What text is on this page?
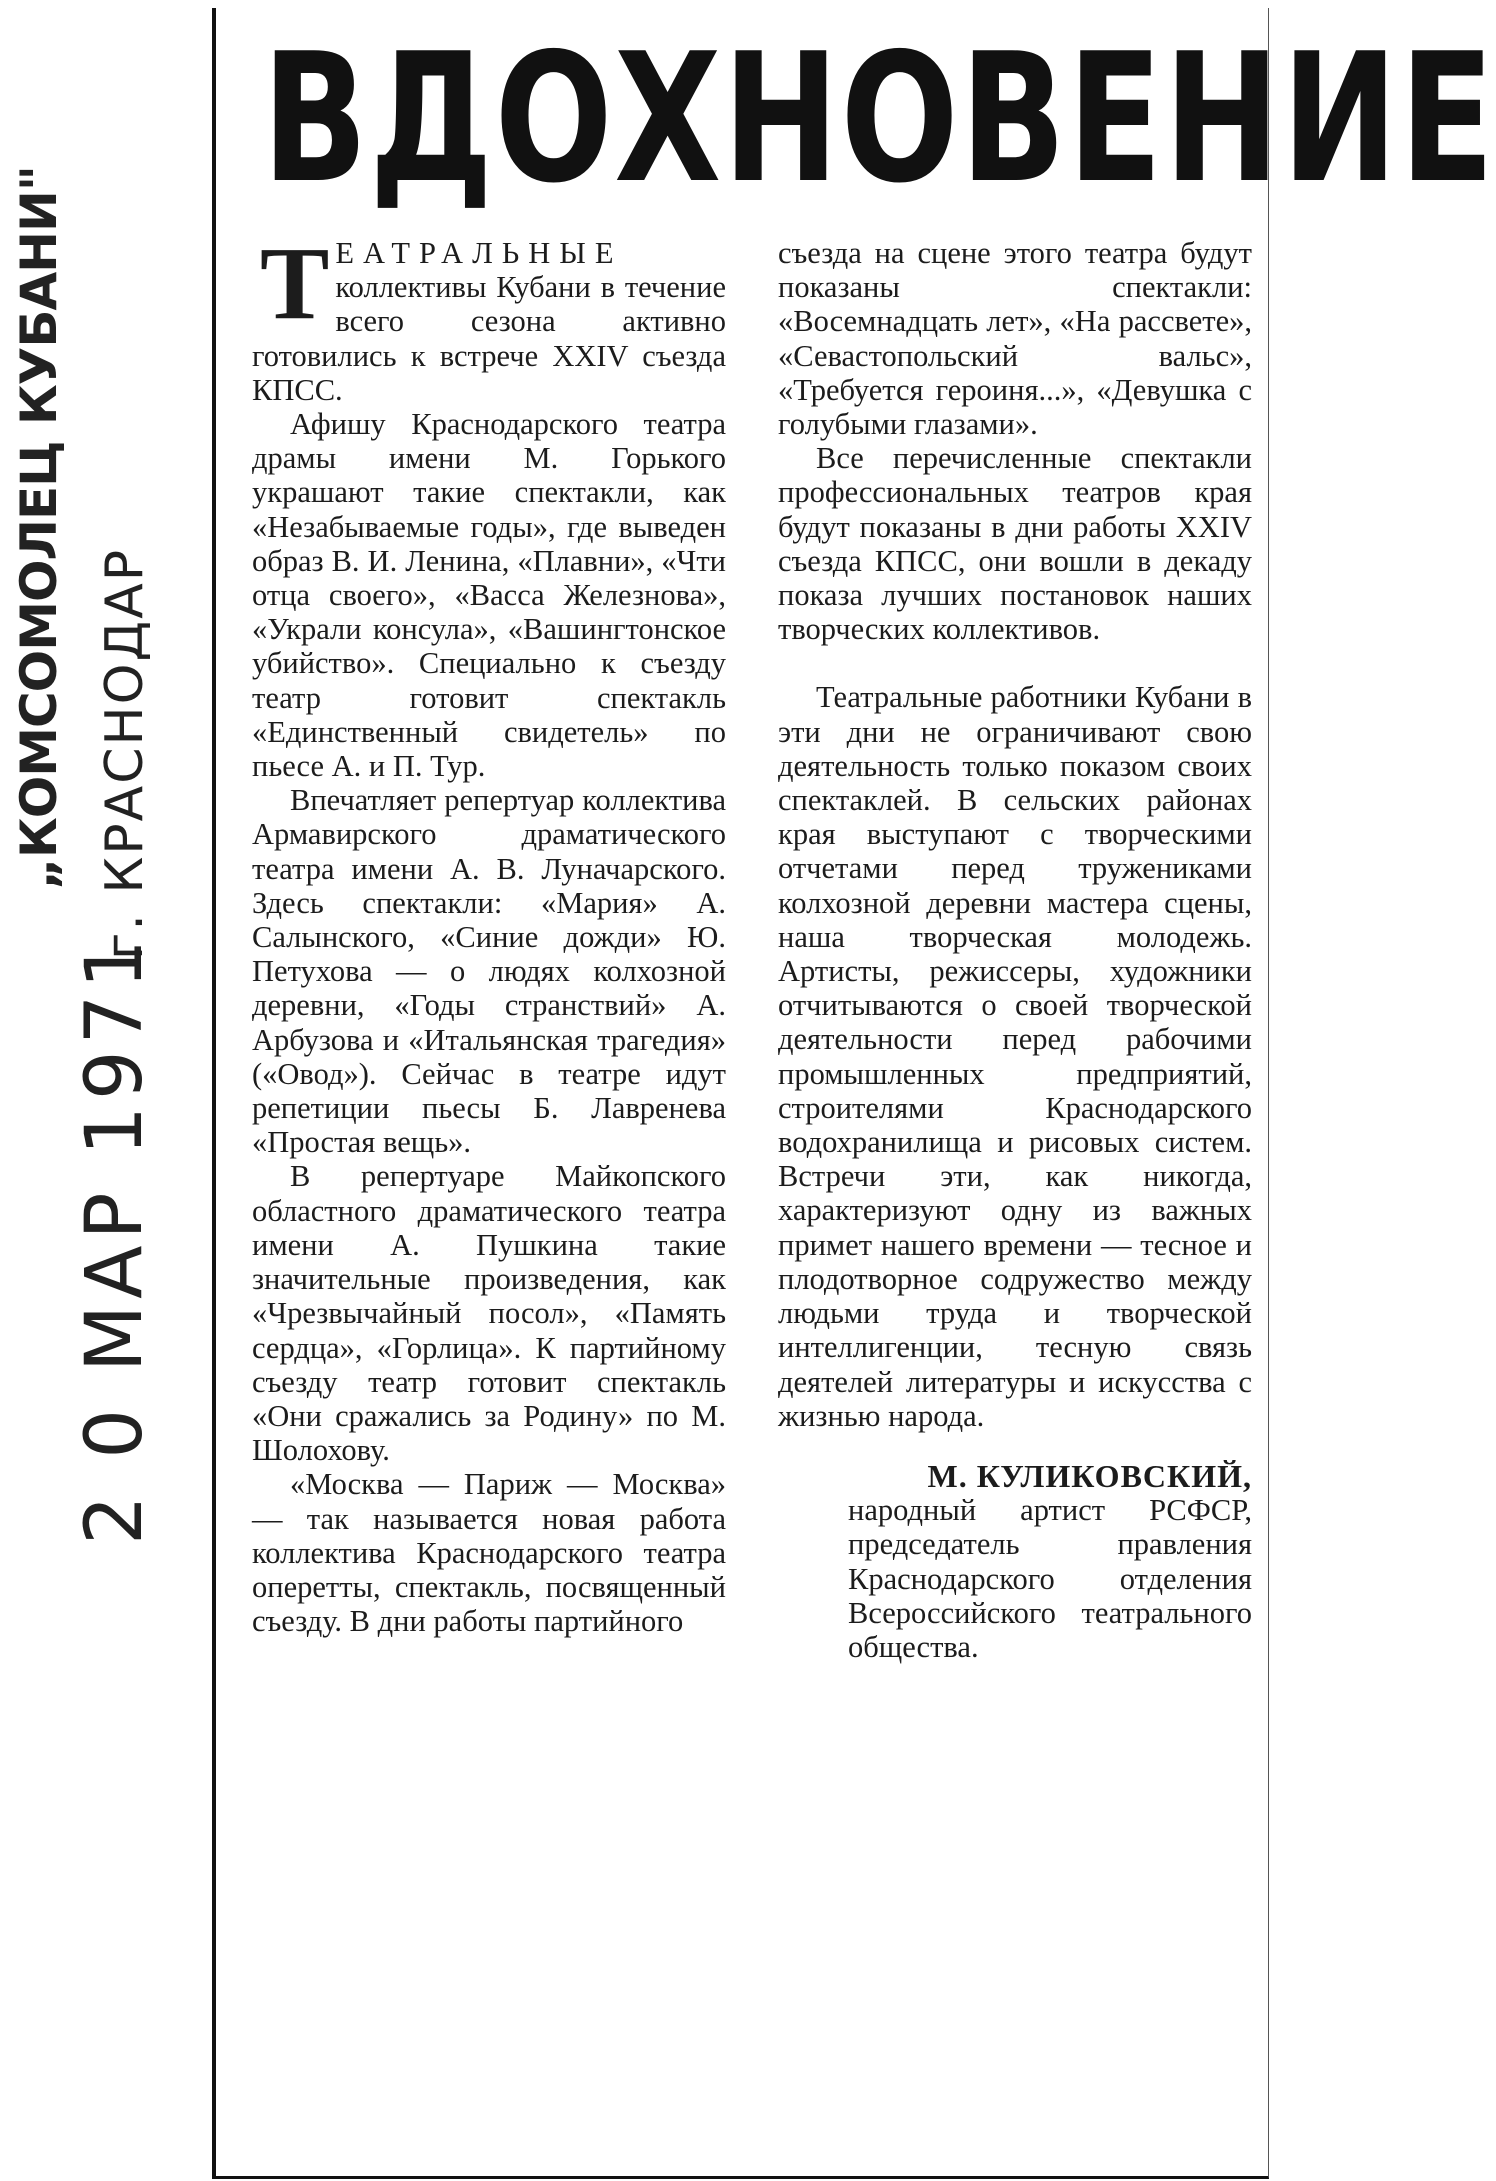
„КОМСОМОЛЕЦ КУБАНИ" г. КРАСНОДАР
2 0 МАР 1971
ВДОХНОВЕНИЕ

Т ЕАТРАЛЬНЫЕ
коллективы Кубани в течение всего сезона активно готовились к встрече XXIV съезда КПСС.

Афишу Краснодарского театра драмы имени М. Горького украшают такие спектакли, как «Незабываемые годы», где выведен образ В. И. Ленина, «Плавни», «Чти отца своего», «Васса Железнова», «Украли консула», «Вашингтонское убийство». Специально к съезду театр готовит спектакль «Единственный свидетель» по пьесе А. и П. Тур.

Впечатляет репертуар коллектива Армавирского драматического театра имени А. В. Луначарского. Здесь спектакли: «Мария» А. Салынского, «Синие дожди» Ю. Петухова — о людях колхозной деревни, «Годы странствий» А. Арбузова и «Итальянская трагедия» («Овод»). Сейчас в театре идут репетиции пьесы Б. Лавренева «Простая вещь».

В репертуаре Майкопского областного драматического театра имени А. Пушкина такие значительные произведения, как «Чрезвычайный посол», «Память сердца», «Горлица». К партийному съезду театр готовит спектакль «Они сражались за Родину» по М. Шолохову.

«Москва — Париж — Москва» — так называется новая работа коллектива Краснодарского театра оперетты, спектакль, посвященный съезду. В дни работы партийного

съезда на сцене этого театра будут показаны спектакли: «Восемнадцать лет», «На рассвете», «Севастопольский вальс», «Требуется героиня...», «Девушка с голубыми глазами».

Все перечисленные спектакли профессиональных театров края будут показаны в дни работы XXIV съезда КПСС, они вошли в декаду показа лучших постановок наших творческих коллективов.

Театральные работники Кубани в эти дни не ограничивают свою деятельность только показом своих спектаклей. В сельских районах края выступают с творческими отчетами перед тружениками колхозной деревни мастера сцены, наша творческая молодежь. Артисты, режиссеры, художники отчитываются о своей творческой деятельности перед рабочими промышленных предприятий, строителями Краснодарского водохранилища и рисовых систем. Встречи эти, как никогда, характеризуют одну из важных примет нашего времени — тесное и плодотворное содружество между людьми труда и творческой интеллигенции, тесную связь деятелей литературы и искусства с жизнью народа.

М. КУЛИКОВСКИЙ,
народный артист РСФСР, председатель правления Краснодарского отделения Всероссийского театрального общества.
